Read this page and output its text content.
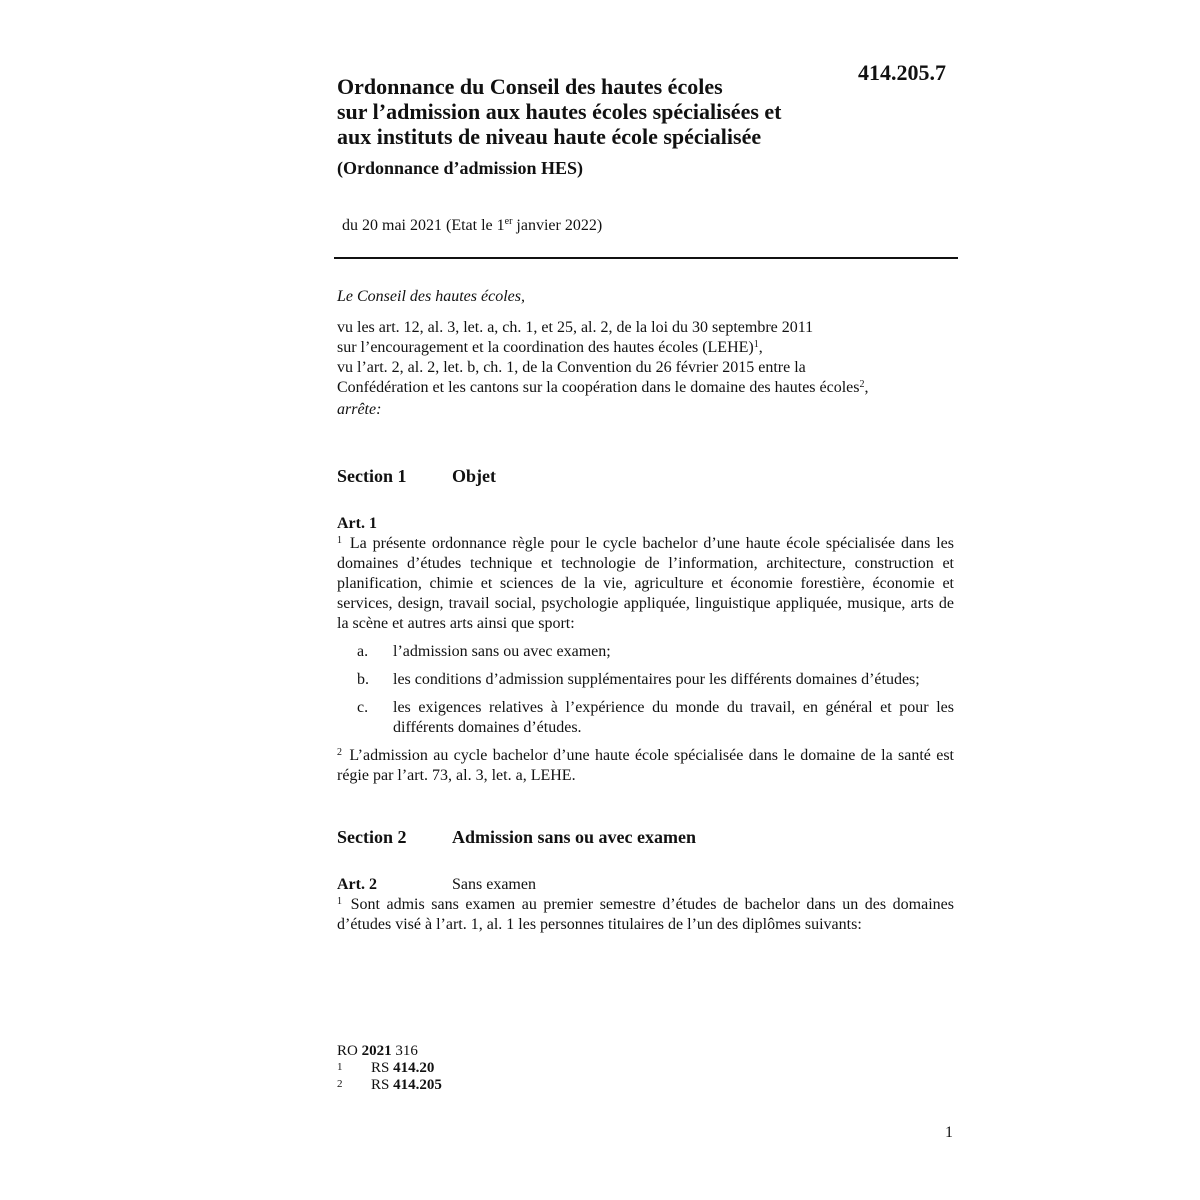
414.205.7
Ordonnance du Conseil des hautes écoles
sur l’admission aux hautes écoles spécialisées et
aux instituts de niveau haute école spécialisée
(Ordonnance d’admission HES)
du 20 mai 2021 (Etat le 1er janvier 2022)

Le Conseil des hautes écoles,

vu les art. 12, al. 3, let. a, ch. 1, et 25, al. 2, de la loi du 30 septembre 2011

sur l’encouragement et la coordination des hautes écoles (LEHE)$^1$,

vu l’art. 2, al. 2, let. b, ch. 1, de la Convention du 26 février 2015 entre la

Confédération et les cantons sur la coopération dans le domaine des hautes écoles$^2$,

arrête:

Section 1	Objet
Art. 1

$^1$ La présente ordonnance règle pour le cycle bachelor d’une haute école spécialisée dans les domaines d’études technique et technologie de l’information, architecture, construction et planification, chimie et sciences de la vie, agriculture et économie forestière, économie et services, design, travail social, psychologie appliquée, linguistique appliquée, musique, arts de la scène et autres arts ainsi que sport:

a.	l’admission sans ou avec examen;
b.	les conditions d’admission supplémentaires pour les différents domaines d’études;
c.	les exigences relatives à l’expérience du monde du travail, en général et pour les différents domaines d’études.

$^2$ L’admission au cycle bachelor d’une haute école spécialisée dans le domaine de la santé est régie par l’art. 73, al. 3, let. a, LEHE.

Section 2	Admission sans ou avec examen
Art. 2	Sans examen

$^1$ Sont admis sans examen au premier semestre d’études de bachelor dans un des domaines d’études visé à l’art. 1, al. 1 les personnes titulaires de l’un des diplômes suivants:

RO 2021 316
1	RS 414.20
2	RS 414.205
1
